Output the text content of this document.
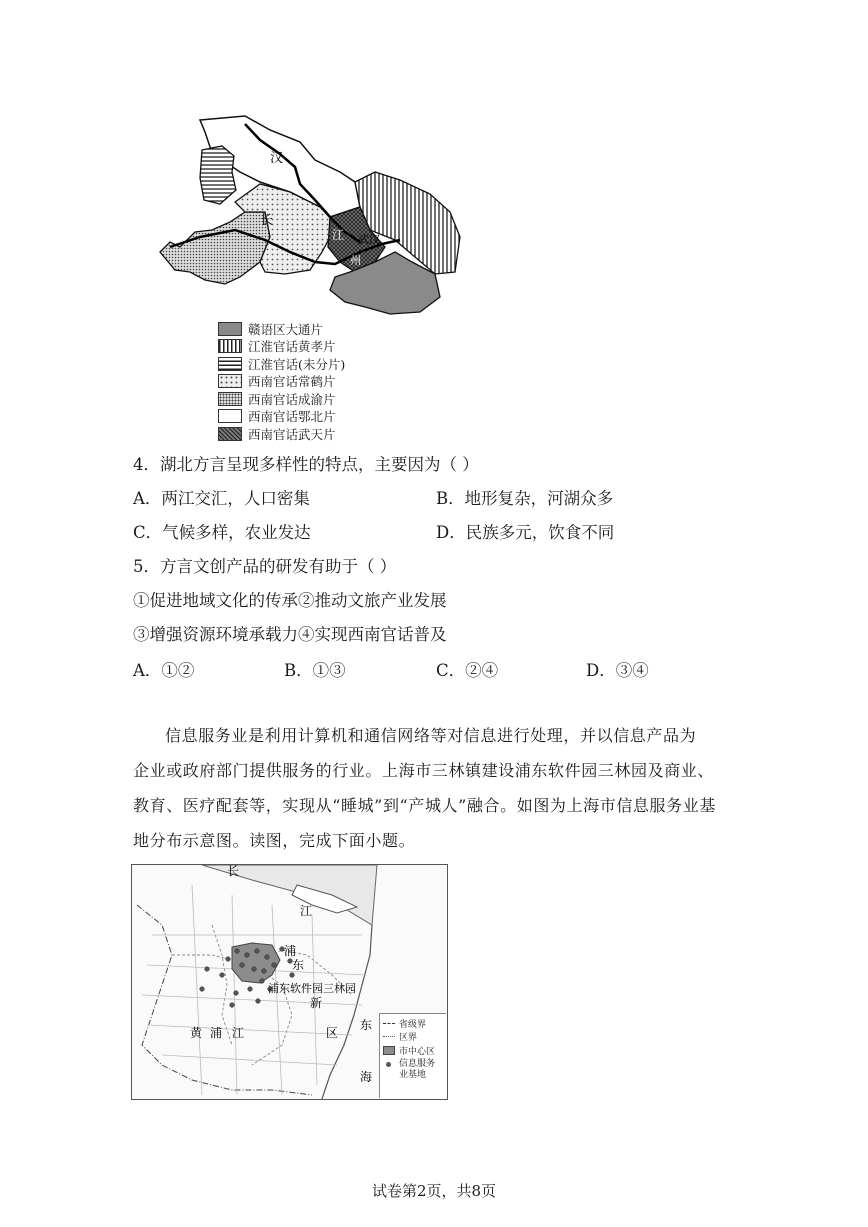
汉
长
江 武汉
州
赣语区大通片
江淮官话黄孝片
江淮官话(未分片)
西南官话常鹤片
西南官话成渝片
西南官话鄂北片
西南官话武天片
4．湖北方言呈现多样性的特点，主要因为（ ）
A．两江交汇，人口密集	B．地形复杂，河湖众多
C．气候多样，农业发达	D．民族多元，饮食不同
5．方言文创产品的研发有助于（ ）
①促进地域文化的传承②推动文旅产业发展
③增强资源环境承载力④实现西南官话普及
A．①②	B．①③	C．②④	D．③④
信息服务业是利用计算机和通信网络等对信息进行处理，并以信息产品为
企业或政府部门提供服务的行业。上海市三林镇建设浦东软件园三林园及商业、
教育、医疗配套等，实现从“睡城”到“产城人”融合。如图为上海市信息服务业基
地分布示意图。读图，完成下面小题。
长
江
浦
东
新
区
黄 浦 江
东
海
浦东软件园三林园
省级界
区界
市中心区
信息服务业基地
试卷第2页，共8页
